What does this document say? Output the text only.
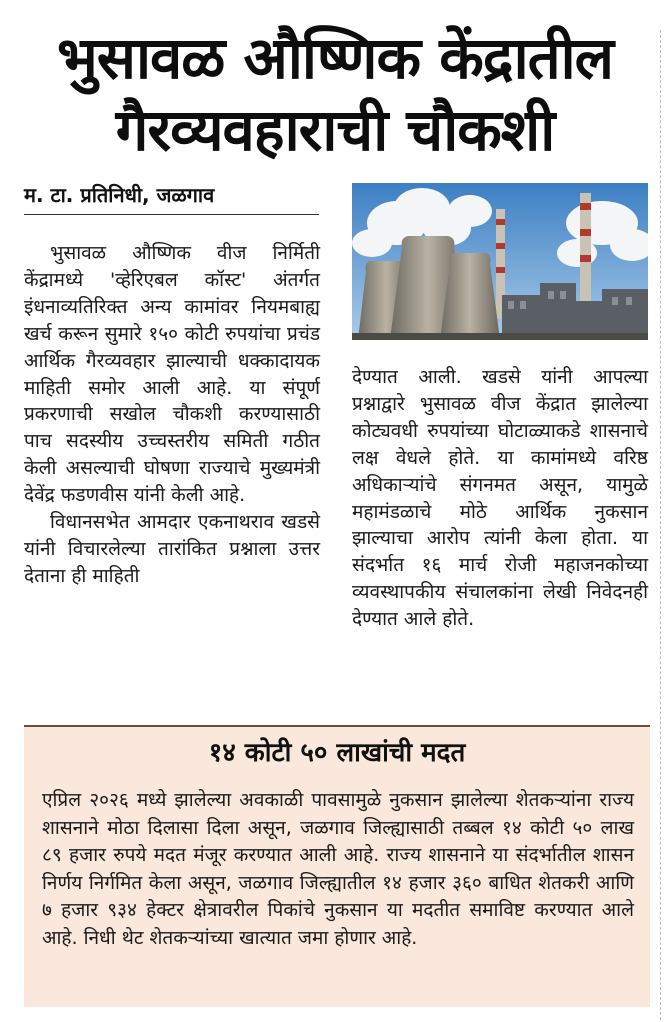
भुसावळ औष्णिक केंद्रातील
गैरव्यवहाराची चौकशी
म. टा. प्रतिनिधी, जळगाव

भुसावळ औष्णिक वीज निर्मिती केंद्रामध्ये 'व्हेरिएबल कॉस्ट' अंतर्गत इंधनाव्यतिरिक्त अन्य कामांवर नियमबाह्य खर्च करून सुमारे १५० कोटी रुपयांचा प्रचंड आर्थिक गैरव्यवहार झाल्याची धक्कादायक माहिती समोर आली आहे. या संपूर्ण प्रकरणाची सखोल चौकशी करण्यासाठी पाच सदस्यीय उच्चस्तरीय समिती गठीत केली असल्याची घोषणा राज्याचे मुख्यमंत्री देवेंद्र फडणवीस यांनी केली आहे.

विधानसभेत आमदार एकनाथराव खडसे यांनी विचारलेल्या तारांकित प्रश्नाला उत्तर देताना ही माहिती

देण्यात आली. खडसे यांनी आपल्या प्रश्नाद्वारे भुसावळ वीज केंद्रात झालेल्या कोट्यवधी रुपयांच्या घोटाळ्याकडे शासनाचे लक्ष वेधले होते. या कामांमध्ये वरिष्ठ अधिकाऱ्यांचे संगनमत असून, यामुळे महामंडळाचे मोठे आर्थिक नुकसान झाल्याचा आरोप त्यांनी केला होता. या संदर्भात १६ मार्च रोजी महाजनकोच्या व्यवस्थापकीय संचालकांना लेखी निवेदनही देण्यात आले होते.

१४ कोटी ५० लाखांची मदत
एप्रिल २०२६ मध्ये झालेल्या अवकाळी पावसामुळे नुकसान झालेल्या शेतकऱ्यांना राज्य शासनाने मोठा दिलासा दिला असून, जळगाव जिल्ह्यासाठी तब्बल १४ कोटी ५० लाख ८९ हजार रुपये मदत मंजूर करण्यात आली आहे. राज्य शासनाने या संदर्भातील शासन निर्णय निर्गमित केला असून, जळगाव जिल्ह्यातील १४ हजार ३६० बाधित शेतकरी आणि ७ हजार ९३४ हेक्टर क्षेत्रावरील पिकांचे नुकसान या मदतीत समाविष्ट करण्यात आले आहे. निधी थेट शेतकऱ्यांच्या खात्यात जमा होणार आहे.
